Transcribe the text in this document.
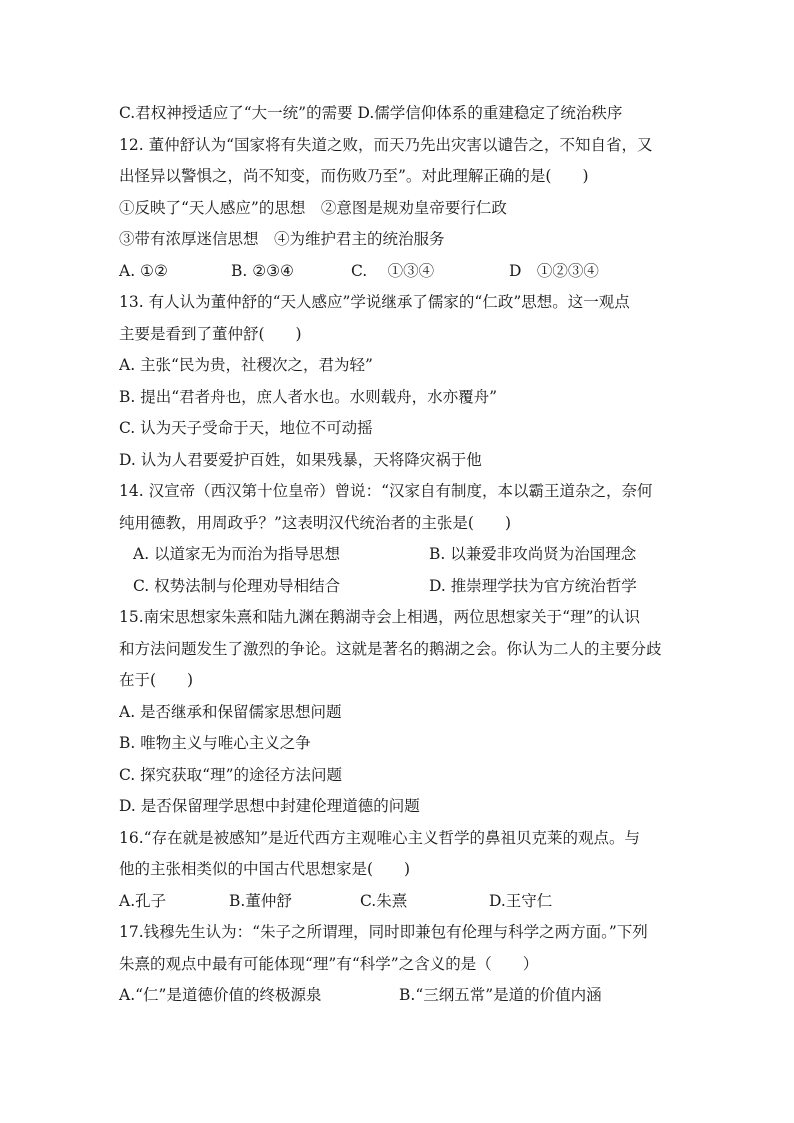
C.君权神授适应了“大一统”的需要 D.儒学信仰体系的重建稳定了统治秩序
12. 董仲舒认为“国家将有失道之败，而天乃先出灾害以谴告之，不知自省，又
出怪异以警惧之，尚不知变，而伤败乃至”。对此理解正确的是(　　)
①反映了“天人感应”的思想　②意图是规劝皇帝要行仁政
③带有浓厚迷信思想　④为维护君主的统治服务
A. ①②	B. ②③④	C.　 ①③④	D　①②③④
13. 有人认为董仲舒的“天人感应”学说继承了儒家的“仁政”思想。这一观点
主要是看到了董仲舒(　　)
A. 主张“民为贵，社稷次之，君为轻”
B. 提出“君者舟也，庶人者水也。水则载舟，水亦覆舟”
C. 认为天子受命于天，地位不可动摇
D. 认为人君要爱护百姓，如果残暴，天将降灾祸于他
14. 汉宣帝（西汉第十位皇帝）曾说：“汉家自有制度，本以霸王道杂之，奈何
纯用德教，用周政乎？”这表明汉代统治者的主张是(　　)
A. 以道家无为而治为指导思想	B. 以兼爱非攻尚贤为治国理念
C. 权势法制与伦理劝导相结合	D. 推崇理学扶为官方统治哲学
15.南宋思想家朱熹和陆九渊在鹅湖寺会上相遇，两位思想家关于“理”的认识
和方法问题发生了激烈的争论。这就是著名的鹅湖之会。你认为二人的主要分歧
在于(　　)
A. 是否继承和保留儒家思想问题
B. 唯物主义与唯心主义之争
C. 探究获取“理”的途径方法问题
D. 是否保留理学思想中封建伦理道德的问题
16.“存在就是被感知”是近代西方主观唯心主义哲学的鼻祖贝克莱的观点。与
他的主张相类似的中国古代思想家是(　　)
A.孔子	B.董仲舒	C.朱熹	D.王守仁
17.钱穆先生认为：“朱子之所谓理，同时即兼包有伦理与科学之两方面。”下列
朱熹的观点中最有可能体现“理”有“科学”之含义的是（　　）
A.“仁”是道德价值的终极源泉	B.“三纲五常”是道的价值内涵
